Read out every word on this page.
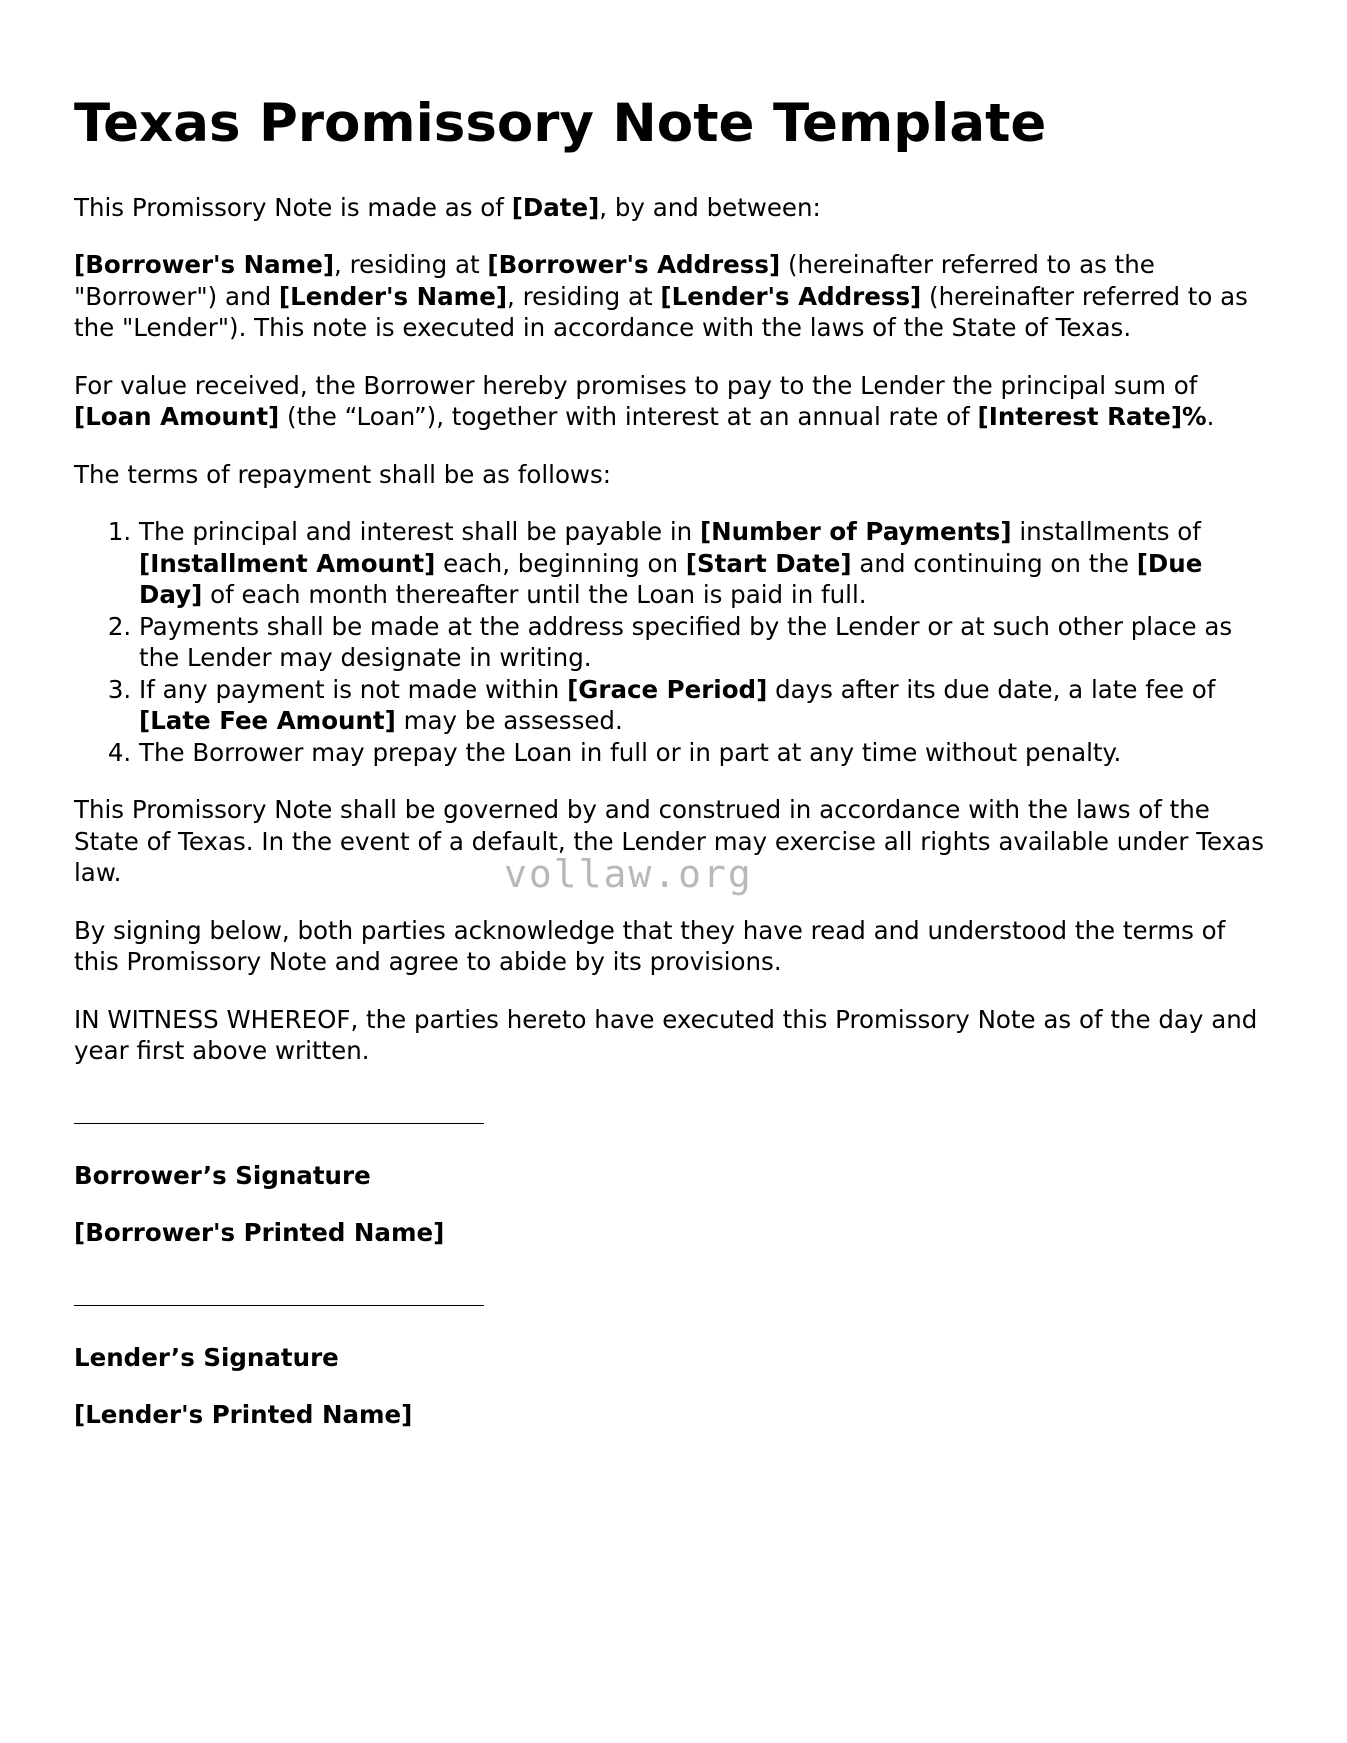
Texas Promissory Note Template

This Promissory Note is made as of [Date], by and between:

[Borrower's Name], residing at [Borrower's Address] (hereinafter referred to as the "Borrower") and [Lender's Name], residing at [Lender's Address] (hereinafter referred to as the "Lender"). This note is executed in accordance with the laws of the State of Texas.

For value received, the Borrower hereby promises to pay to the Lender the principal sum of [Loan Amount] (the “Loan”), together with interest at an annual rate of [Interest Rate]%.

The terms of repayment shall be as follows:

1. The principal and interest shall be payable in [Number of Payments] installments of [Installment Amount] each, beginning on [Start Date] and continuing on the [Due Day] of each month thereafter until the Loan is paid in full.
2. Payments shall be made at the address specified by the Lender or at such other place as the Lender may designate in writing.
3. If any payment is not made within [Grace Period] days after its due date, a late fee of [Late Fee Amount] may be assessed.
4. The Borrower may prepay the Loan in full or in part at any time without penalty.

This Promissory Note shall be governed by and construed in accordance with the laws of the State of Texas. In the event of a default, the Lender may exercise all rights available under Texas law.

By signing below, both parties acknowledge that they have read and understood the terms of this Promissory Note and agree to abide by its provisions.

IN WITNESS WHEREOF, the parties hereto have executed this Promissory Note as of the day and year first above written.

Borrower’s Signature
[Borrower's Printed Name]
Lender’s Signature
[Lender's Printed Name]
vollaw.org
